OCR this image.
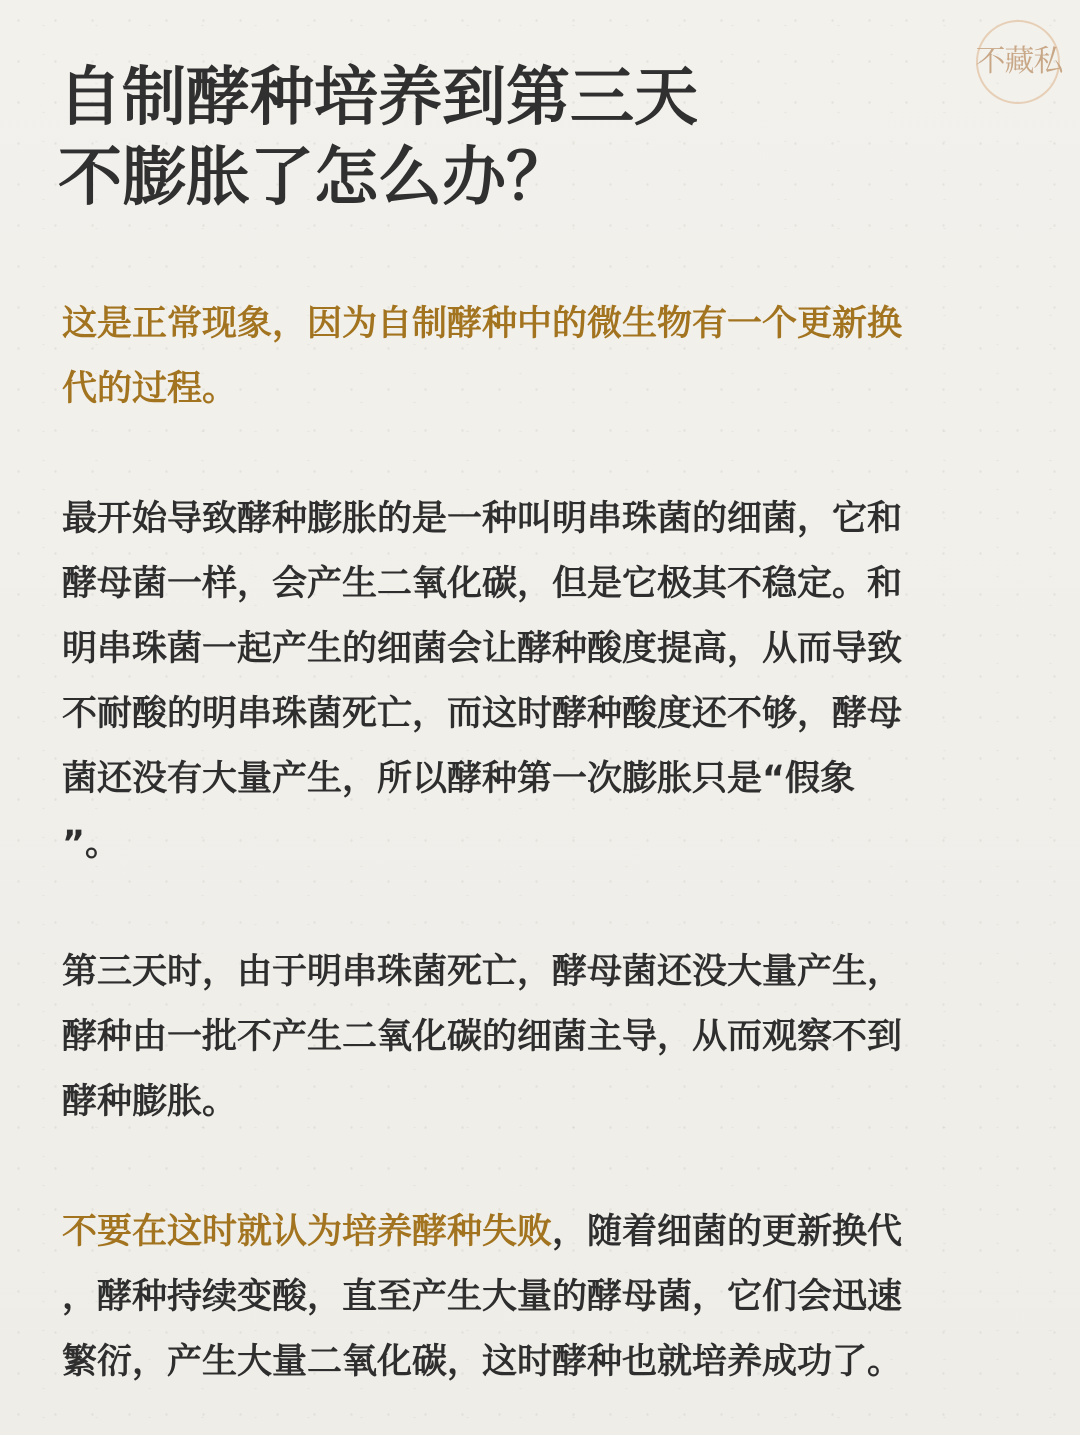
不藏私
自制酵种培养到第三天
不膨胀了怎么办？

这是正常现象，因为自制酵种中的微生物有一个更新换
代的过程。

最开始导致酵种膨胀的是一种叫明串珠菌的细菌，它和
酵母菌一样，会产生二氧化碳，但是它极其不稳定。和
明串珠菌一起产生的细菌会让酵种酸度提高，从而导致
不耐酸的明串珠菌死亡，而这时酵种酸度还不够，酵母
菌还没有大量产生，所以酵种第一次膨胀只是“假象
”。

第三天时，由于明串珠菌死亡，酵母菌还没大量产生，
酵种由一批不产生二氧化碳的细菌主导，从而观察不到
酵种膨胀。

不要在这时就认为培养酵种失败，随着细菌的更新换代
，酵种持续变酸，直至产生大量的酵母菌，它们会迅速
繁衍，产生大量二氧化碳，这时酵种也就培养成功了。
